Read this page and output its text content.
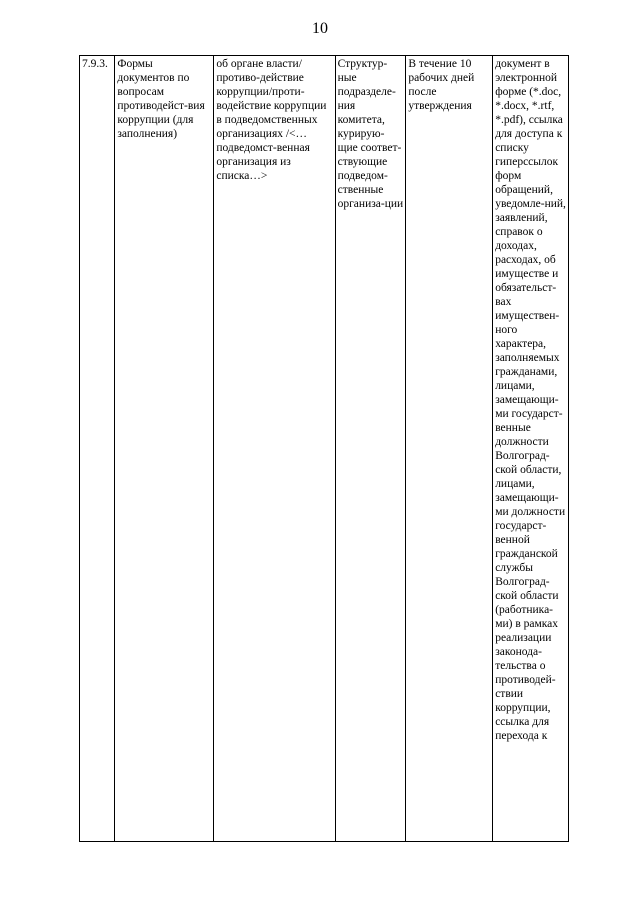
10
7.9.3.	Формы документов по вопросам противодейст-вия коррупции (для заполнения)	об органе власти/противо-действие коррупции/проти-водействие коррупции в подведомственных организациях /<…подведомст-венная организация из списка…>	Структур-ные подразделе-ния комитета, курирую-щие соответ-ствующие подведом-ственные организа-ции	В течение 10 рабочих дней после утверждения	документ в электронной форме (*.doc, *.docx, *.rtf, *.pdf), ссылка для доступа к списку гиперссылок форм обращений, уведомле-ний, заявлений, справок о доходах, расходах, об имуществе и обязательст-вах имуществен-ного характера, заполняемых гражданами, лицами, замещающи-ми государст-венные должности Волгоград-ской области, лицами, замещающи-ми должности государст-венной гражданской службы Волгоград-ской области (работника-ми) в рамках реализации законода-тельства о противодей-ствии коррупции, ссылка для перехода к
